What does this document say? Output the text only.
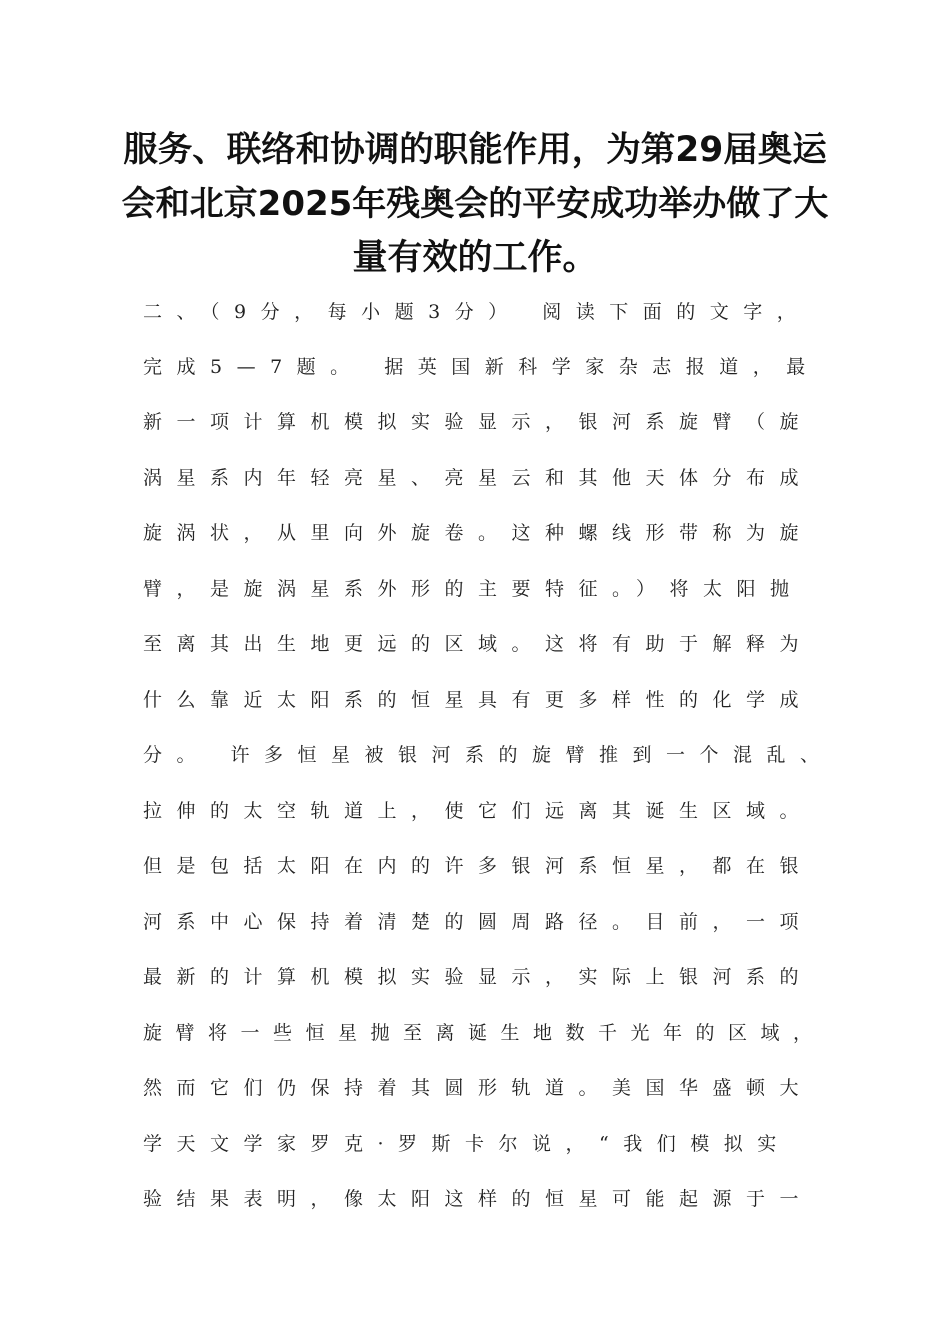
服务、联络和协调的职能作用，为第29届奥运
会和北京2025年残奥会的平安成功举办做了大
量有效的工作。
二、（9分，每小题3分） 阅读下面的文字，
完成5—7题。 据英国新科学家杂志报道，最
新一项计算机模拟实验显示，银河系旋臂（旋
涡星系内年轻亮星、亮星云和其他天体分布成
旋涡状，从里向外旋卷。这种螺线形带称为旋
臂，是旋涡星系外形的主要特征。）将太阳抛
至离其出生地更远的区域。这将有助于解释为
什么靠近太阳系的恒星具有更多样性的化学成
分。 许多恒星被银河系的旋臂推到一个混乱、
拉伸的太空轨道上，使它们远离其诞生区域。
但是包括太阳在内的许多银河系恒星，都在银
河系中心保持着清楚的圆周路径。目前，一项
最新的计算机模拟实验显示，实际上银河系的
旋臂将一些恒星抛至离诞生地数千光年的区域，
然而它们仍保持着其圆形轨道。美国华盛顿大
学天文学家罗克·罗斯卡尔说，“我们模拟实
验结果表明，像太阳这样的恒星可能起源于一
